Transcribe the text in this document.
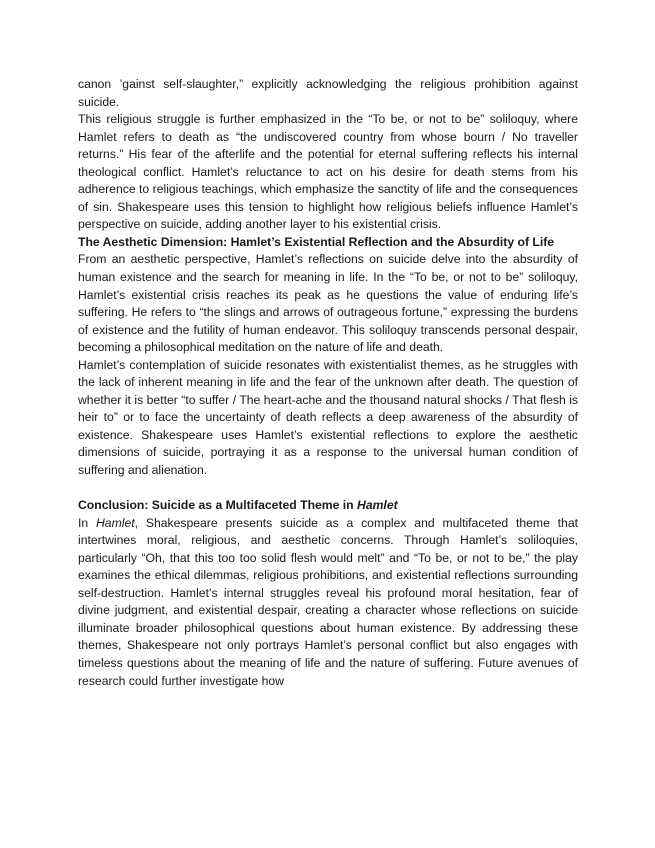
canon ’gainst self-slaughter,” explicitly acknowledging the religious prohibition against suicide.

This religious struggle is further emphasized in the “To be, or not to be” soliloquy, where Hamlet refers to death as “the undiscovered country from whose bourn / No traveller returns.” His fear of the afterlife and the potential for eternal suffering reflects his internal theological conflict. Hamlet’s reluctance to act on his desire for death stems from his adherence to religious teachings, which emphasize the sanctity of life and the consequences of sin. Shakespeare uses this tension to highlight how religious beliefs influence Hamlet’s perspective on suicide, adding another layer to his existential crisis.

The Aesthetic Dimension: Hamlet’s Existential Reflection and the Absurdity of Life

From an aesthetic perspective, Hamlet’s reflections on suicide delve into the absurdity of human existence and the search for meaning in life. In the “To be, or not to be” soliloquy, Hamlet’s existential crisis reaches its peak as he questions the value of enduring life’s suffering. He refers to “the slings and arrows of outrageous fortune,” expressing the burdens of existence and the futility of human endeavor. This soliloquy transcends personal despair, becoming a philosophical meditation on the nature of life and death.

Hamlet’s contemplation of suicide resonates with existentialist themes, as he struggles with the lack of inherent meaning in life and the fear of the unknown after death. The question of whether it is better “to suffer / The heart-ache and the thousand natural shocks / That flesh is heir to” or to face the uncertainty of death reflects a deep awareness of the absurdity of existence. Shakespeare uses Hamlet’s existential reflections to explore the aesthetic dimensions of suicide, portraying it as a response to the universal human condition of suffering and alienation.

Conclusion: Suicide as a Multifaceted Theme in Hamlet

In Hamlet, Shakespeare presents suicide as a complex and multifaceted theme that intertwines moral, religious, and aesthetic concerns. Through Hamlet’s soliloquies, particularly “Oh, that this too too solid flesh would melt” and “To be, or not to be,” the play examines the ethical dilemmas, religious prohibitions, and existential reflections surrounding self-destruction. Hamlet’s internal struggles reveal his profound moral hesitation, fear of divine judgment, and existential despair, creating a character whose reflections on suicide illuminate broader philosophical questions about human existence. By addressing these themes, Shakespeare not only portrays Hamlet’s personal conflict but also engages with timeless questions about the meaning of life and the nature of suffering. Future avenues of research could further investigate how
